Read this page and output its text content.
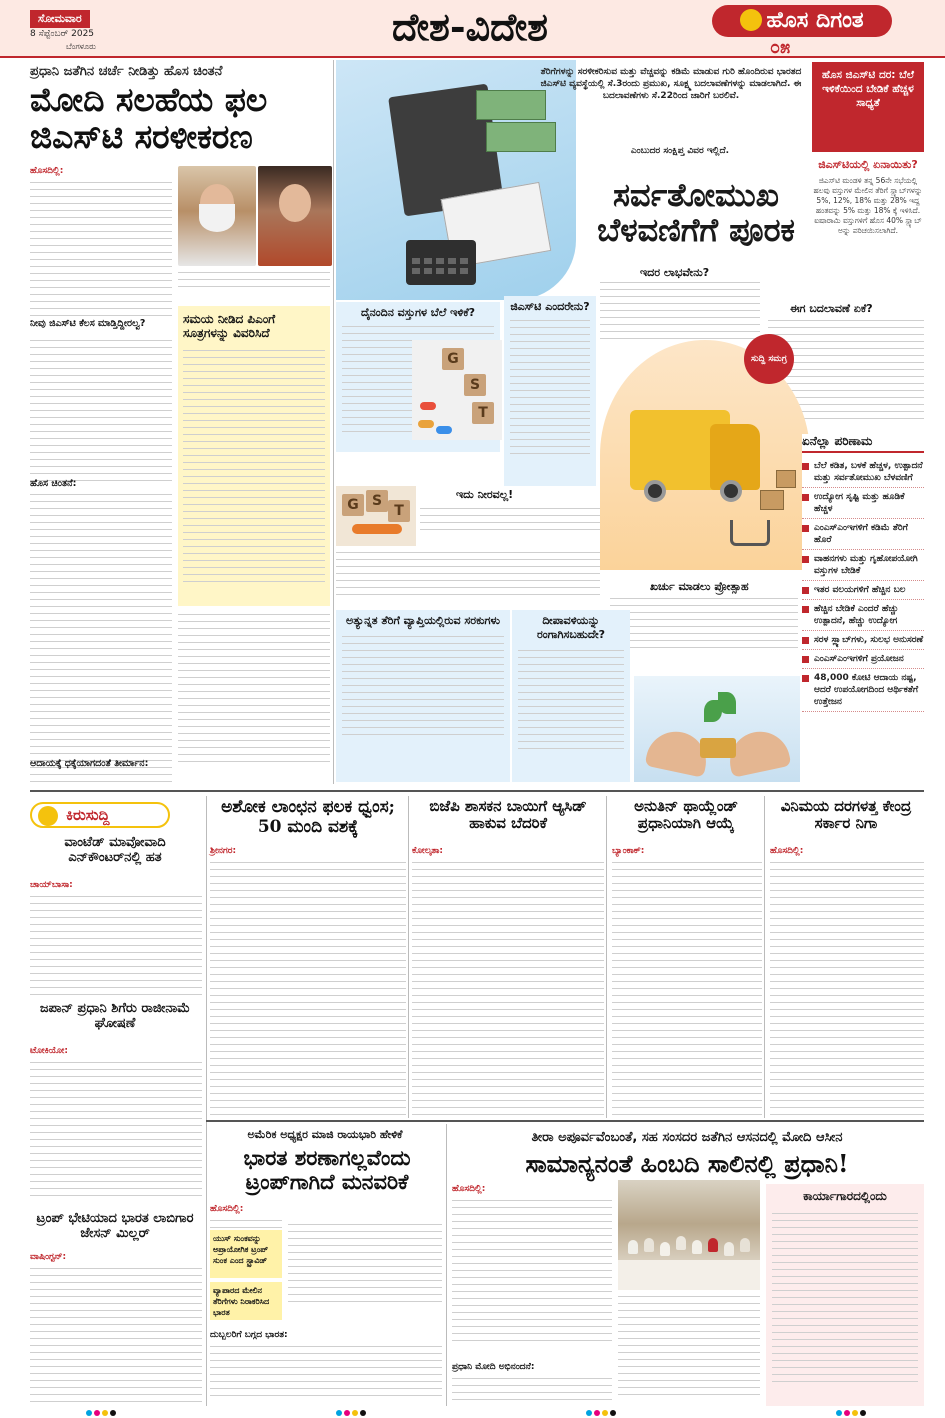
ಸೋಮವಾರ
8 ಸೆಪ್ಟೆಂಬರ್ 2025
ಬೆಂಗಳೂರು	ದೇಶ-ವಿದೇಶ	ಹೊಸ ದಿಗಂತ
೦೫
ಪ್ರಧಾನಿ ಜತೆಗಿನ ಚರ್ಚೆ ನೀಡಿತ್ತು ಹೊಸ ಚಿಂತನೆ
ಮೋದಿ ಸಲಹೆಯ ಫಲ
ಜಿಎಸ್‌ಟಿ ಸರಳೀಕರಣ
ಹೊಸದಿಲ್ಲಿ:
ನೀವು ಜಿಎಸ್‌ಟಿ ಕೆಲಸ ಮಾಡ್ತಿದ್ದೀರಲ್ವ?
ಹೊಸ ಚಿಂತನೆ:
ಆದಾಯಕ್ಕೆ ಧಕ್ಕೆಯಾಗದಂತೆ ತೀರ್ಮಾನ:
ಸಮಯ ನೀಡಿದ ಪಿಎಂಗೆ ಸೂತ್ರಗಳನ್ನು ವಿವರಿಸಿದೆ
ತೆರಿಗೆಗಳನ್ನು ಸರಳೀಕರಿಸುವ ಮತ್ತು ವೆಚ್ಚವನ್ನು ಕಡಿಮೆ ಮಾಡುವ ಗುರಿ ಹೊಂದಿರುವ ಭಾರತದ ಜಿಎಸ್‌ಟಿ ವ್ಯವಸ್ಥೆಯಲ್ಲಿ ಸೆ.3ರಂದು ಪ್ರಮುಖ, ಸೂಕ್ಷ್ಮ ಬದಲಾವಣೆಗಳನ್ನು ಮಾಡಲಾಗಿದೆ. ಈ ಬದಲಾವಣೆಗಳು ಸೆ.22ರಿಂದ ಜಾರಿಗೆ ಬರಲಿವೆ.
ಎಂಬುದರ ಸಂಕ್ಷಿಪ್ತ ವಿವರ ಇಲ್ಲಿದೆ.
ಹೊಸ ಜಿಎಸ್‌ಟಿ ದರ: ಬೆಲೆ ಇಳಿಕೆಯಿಂದ ಬೇಡಿಕೆ ಹೆಚ್ಚಳ ಸಾಧ್ಯತೆ
ಸರ್ವತೋಮುಖ
ಬೆಳವಣಿಗೆಗೆ ಪೂರಕ
ಜಿಎಸ್‌ಟಿಯಲ್ಲಿ ಏನಾಯಿತು?
ಜಿಎಸ್‌ಟಿ ಮಂಡಳಿ ತನ್ನ 56ನೇ ಸಭೆಯಲ್ಲಿ ಹಲವು ವಸ್ತುಗಳ ಮೇಲಿನ ತೆರಿಗೆ ಸ್ಲ್ಯಾಬ್‌ಗಳನ್ನು 5%, 12%, 18% ಮತ್ತು 28% ಇದ್ದ ಹಂತವನ್ನು 5% ಮತ್ತು 18% ಕ್ಕೆ ಇಳಿಸಿದೆ. ಐಷಾರಾಮಿ ವಸ್ತುಗಳಿಗೆ ಹೊಸ 40% ಸ್ಲ್ಯಾಬ್ ಅನ್ನು ಪರಿಚಯಿಸಲಾಗಿದೆ.
ಇದರ ಲಾಭವೇನು?
ಈಗ ಬದಲಾವಣೆ ಏಕೆ?
ದೈನಂದಿನ ವಸ್ತುಗಳ ಬೆಲೆ ಇಳಿಕೆ?
G
S
T
ಜಿಎಸ್‌ಟಿ ಎಂದರೇನು?
ಸುದ್ದಿ ಸಮಗ್ರ
G S
T
ಇದು ನೀರವಲ್ಲ!
ಏನೆಲ್ಲಾ ಪರಿಣಾಮ
ಬೆಲೆ ಕಡಿತ, ಬಳಕೆ ಹೆಚ್ಚಳ, ಉತ್ಪಾದನೆ ಮತ್ತು ಸರ್ವತೋಮುಖ ಬೆಳವಣಿಗೆ
ಉದ್ಯೋಗ ಸೃಷ್ಟಿ ಮತ್ತು ಹೂಡಿಕೆ ಹೆಚ್ಚಳ
ಎಂಎಸ್‌ಎಂಇಗಳಿಗೆ ಕಡಿಮೆ ತೆರಿಗೆ ಹೊರೆ
ವಾಹನಗಳು ಮತ್ತು ಗೃಹೋಪಯೋಗಿ ವಸ್ತುಗಳ ಬೇಡಿಕೆ
ಇತರ ವಲಯಗಳಿಗೆ ಹೆಚ್ಚಿನ ಬಲ
ಹೆಚ್ಚಿನ ಬೇಡಿಕೆ ಎಂದರೆ ಹೆಚ್ಚು ಉತ್ಪಾದನೆ, ಹೆಚ್ಚು ಉದ್ಯೋಗ
ಸರಳ ಸ್ಲ್ಯಾಬ್‌ಗಳು, ಸುಲಭ ಅನುಸರಣೆ
ಎಂಎಸ್‌ಎಂಇಗಳಿಗೆ ಪ್ರಯೋಜನ
48,000 ಕೋಟಿ ಆದಾಯ ನಷ್ಟ, ಆದರೆ ಉಪಯೋಗದಿಂದ ಆರ್ಥಿಕತೆಗೆ ಉತ್ತೇಜನ
ಖರ್ಚು ಮಾಡಲು ಪ್ರೋತ್ಸಾಹ
ಅತ್ಯುನ್ನತ ತೆರಿಗೆ ವ್ಯಾಪ್ತಿಯಲ್ಲಿರುವ ಸರಕುಗಳು	ದೀಪಾವಳಿಯನ್ನು ರಂಗಾಗಿಸಬಹುದೇ?
ಕಿರುಸುದ್ದಿ
ವಾಂಟೆಡ್ ಮಾವೋವಾದಿ ಎನ್‌ಕೌಂಟರ್‌ನಲ್ಲಿ ಹತ
ಚಾಯ್‌ಬಾಸಾ:
ಜಪಾನ್ ಪ್ರಧಾನಿ ಶಿಗೆರು ರಾಜೀನಾಮೆ ಘೋಷಣೆ
ಟೋಕಿಯೋ:
ಟ್ರಂಪ್ ಭೇಟಿಯಾದ ಭಾರತ ಲಾಬಿಗಾರ ಜೇಸನ್ ಮಿಲ್ಲರ್
ವಾಷಿಂಗ್ಟನ್:
ಅಶೋಕ ಲಾಂಛನ ಫಲಕ ಧ್ವಂಸ; 50 ಮಂದಿ ವಶಕ್ಕೆ
ಶ್ರೀನಗರ:
ಬಿಜೆಪಿ ಶಾಸಕನ ಬಾಯಿಗೆ ಆ್ಯಸಿಡ್ ಹಾಕುವ ಬೆದರಿಕೆ
ಕೋಲ್ಕತಾ:
ಅನುತಿನ್ ಥಾಯ್ಲೆಂಡ್ ಪ್ರಧಾನಿಯಾಗಿ ಆಯ್ಕೆ
ಬ್ಯಾಂಕಾಕ್:
ವಿನಿಮಯ ದರಗಳತ್ತ ಕೇಂದ್ರ ಸರ್ಕಾರ ನಿಗಾ
ಹೊಸದಿಲ್ಲಿ:
ಅಮೆರಿಕ ಅಧ್ಯಕ್ಷರ ಮಾಜಿ ರಾಯಭಾರಿ ಹೇಳಿಕೆ
ಭಾರತ ಶರಣಾಗಲ್ಲವೆಂದು
ಟ್ರಂಪ್‌ಗಾಗಿದೆ ಮನವರಿಕೆ
ಹೊಸದಿಲ್ಲಿ:
ಯುಸ್ ಸುಂಕವನ್ನು ಅಪ್ರಾಯೋಗಿಕ ಟ್ರಂಪ್ ಸುಂಕ ಎಂದ ಸ್ಟ್ರಾವಿಡ್
ವ್ಯಾಪಾರದ ಮೇಲಿನ ತೆರಿಗೆಗಳು ನಿರಾಕರಿಸಿದ ಭಾರತ
ದುಬ್ಬಲರಿಗೆ ಬಗ್ಗದ ಭಾರತ:
ತೀರಾ ಅಪೂರ್ವವೆಂಬಂತೆ, ಸಹ ಸಂಸದರ ಜತೆಗಿನ ಆಸನದಲ್ಲಿ ಮೋದಿ ಆಸೀನ
ಸಾಮಾನ್ಯನಂತೆ ಹಿಂಬದಿ ಸಾಲಿನಲ್ಲಿ ಪ್ರಧಾನಿ!
ಹೊಸದಿಲ್ಲಿ:
ಪ್ರಧಾನಿ ಮೋದಿ ಅಭಿನಂದನೆ:
ಕಾರ್ಯಾಗಾರದಲ್ಲಿಂದು
